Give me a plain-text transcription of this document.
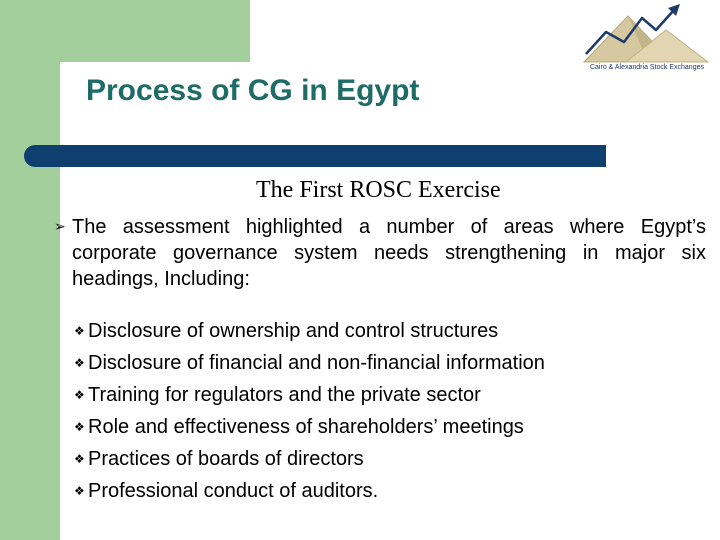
Process of CG in Egypt
Cairo & Alexandria Stock Exchanges
The First ROSC Exercise
➢ The assessment highlighted a number of areas where Egypt’s corporate governance system needs strengthening in major six headings, Including:
❖ Disclosure of ownership and control structures
❖ Disclosure of financial and non-financial information
❖ Training for regulators and the private sector
❖ Role and effectiveness of shareholders’ meetings
❖ Practices of boards of directors
❖ Professional conduct of auditors.
